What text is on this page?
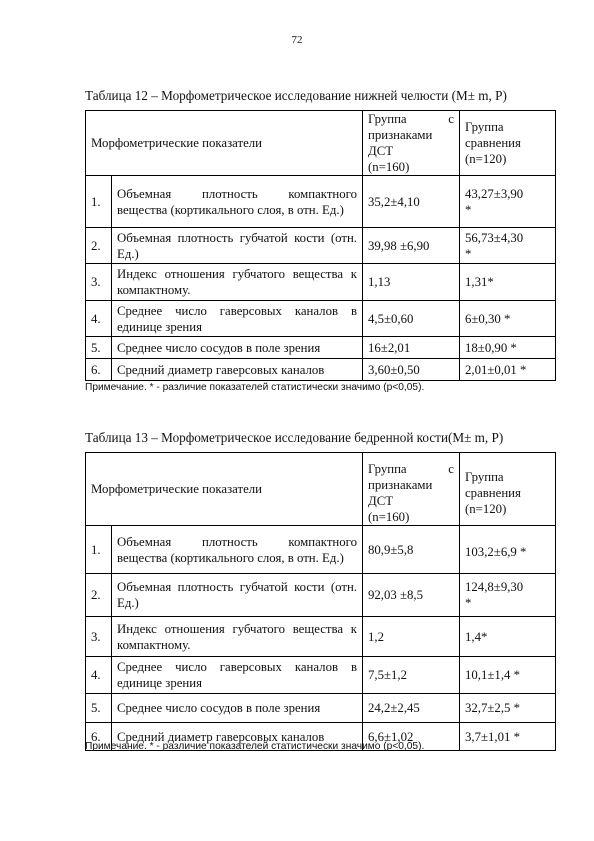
72
Таблица 12 – Морфометрическое исследование нижней челюсти (М± m, P)
Морфометрические показатели		Группа с
признаками ДСТ
(n=160)	Группа
сравнения
(n=120)

1.	Объемная плотность компактного
вещества (кортикального слоя, в отн. Ед.)	35,2±4,10	43,27±3,90
*

2.	Объемная плотность губчатой кости (отн.
Ед.)	39,98 ±6,90	56,73±4,30
*

3.	Индекс отношения губчатого вещества к
компактному.	1,13	1,31*
4.	Среднее число гаверсовых каналов в
единице зрения	4,5±0,60	6±0,30 *
5.	Среднее число сосудов в поле зрения	16±2,01	18±0,90 *
6.	Средний диаметр гаверсовых каналов	3,60±0,50	2,01±0,01 *
Примечание. * - различие показателей статистически значимо (p<0,05).
Таблица 13 – Морфометрическое исследование бедренной кости(М± m, P)
Морфометрические показатели		Группа с
признаками ДСТ
(n=160)	Группа
сравнения
(n=120)

1.	Объемная плотность компактного
вещества (кортикального слоя, в отн. Ед.)	80,9±5,8	103,2±6,9 *
2.	Объемная плотность губчатой кости (отн.
Ед.)	92,03 ±8,5	124,8±9,30
*

3.	Индекс отношения губчатого вещества к
компактному.	1,2	1,4*
4.	Среднее число гаверсовых каналов в
единице зрения	7,5±1,2	10,1±1,4 *
5.	Среднее число сосудов в поле зрения	24,2±2,45	32,7±2,5 *
6.	Средний диаметр гаверсовых каналов	6,6±1,02	3,7±1,01 *
Примечание. * - различие показателей статистически значимо (p<0,05).
